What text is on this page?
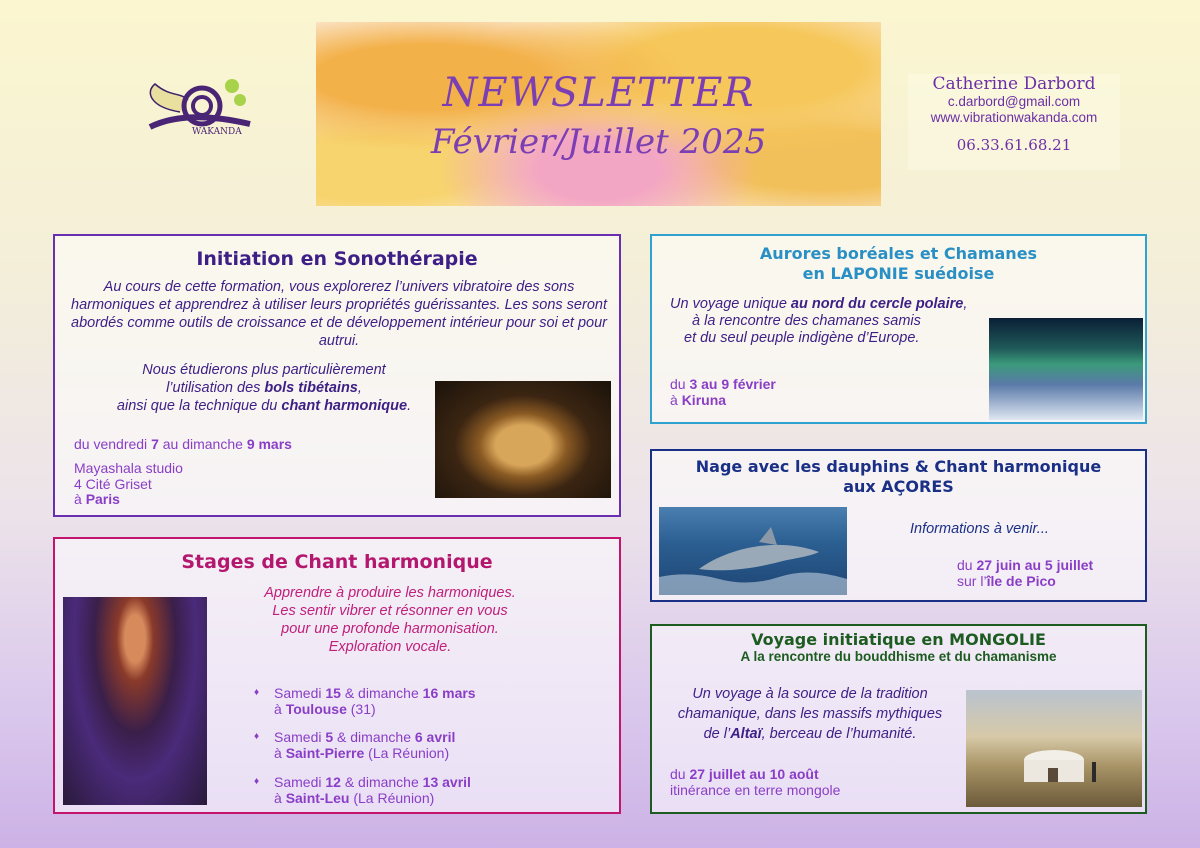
WAKANDA
NEWSLETTER
Février/Juillet 2025
Catherine Darbord
c.darbord@gmail.com
www.vibrationwakanda.com
06.33.61.68.21
Initiation en Sonothérapie
Au cours de cette formation, vous explorerez l’univers vibratoire des sons harmoniques et apprendrez à utiliser leurs propriétés guérissantes. Les sons seront abordés comme outils de croissance et de développement intérieur pour soi et pour autrui.
Nous étudierons plus particulièrement
l’utilisation des bols tibétains,
ainsi que la technique du chant harmonique.
du vendredi 7 au dimanche 9 mars
Mayashala studio
4 Cité Griset
à Paris
Stages de Chant harmonique
Apprendre à produire les harmoniques.
Les sentir vibrer et résonner en vous
pour une profonde harmonisation.
Exploration vocale.
♦	Samedi 15 & dimanche 16 mars
à Toulouse (31)
♦	Samedi 5 & dimanche 6 avril
à Saint-Pierre (La Réunion)
♦	Samedi 12 & dimanche 13 avril
à Saint-Leu (La Réunion)
Aurores boréales et Chamanes
en LAPONIE suédoise
Un voyage unique au nord du cercle polaire,
à la rencontre des chamanes samis
et du seul peuple indigène d’Europe.
du 3 au 9 février
à Kiruna
Nage avec les dauphins & Chant harmonique
aux AÇORES
Informations à venir...
du 27 juin au 5 juillet
sur l’île de Pico
Voyage initiatique en MONGOLIE
A la rencontre du bouddhisme et du chamanisme
Un voyage à la source de la tradition
chamanique, dans les massifs mythiques
de l’Altaï, berceau de l’humanité.
du 27 juillet au 10 août
itinérance en terre mongole
